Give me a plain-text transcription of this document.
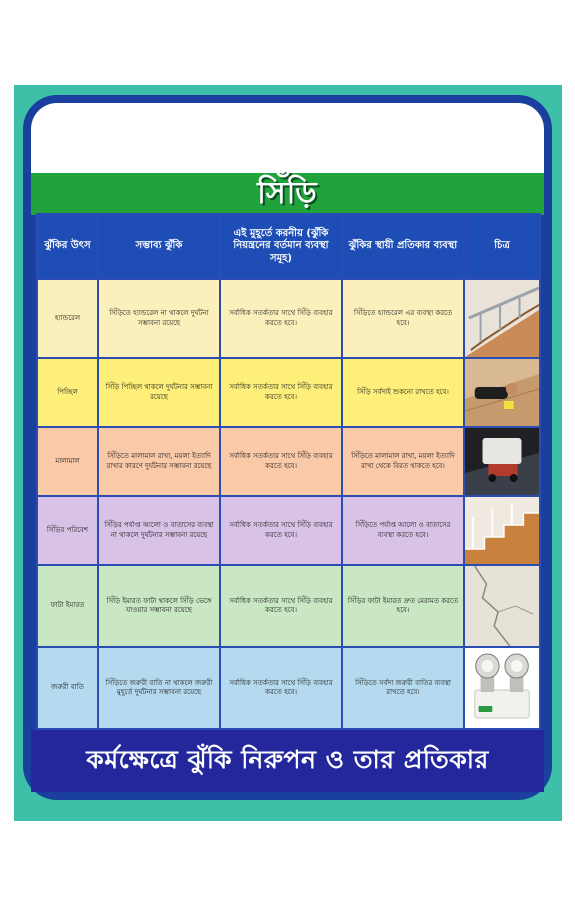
সিঁড়ি
ঝুঁকির উৎস	সম্ভাব্য ঝুঁকি	এই মুহূর্তে করনীয় (ঝুঁকি নিয়ন্ত্রনের বর্তমান ব্যবস্থা সমূহ)	ঝুঁকির স্থায়ী প্রতিকার ব্যবস্থা	চিত্র

হ্যান্ডরেল	সিঁড়িতে হ্যান্ডরেল না থাকলে দুর্ঘটনা সম্ভাবনা রয়েছে	সর্বাধিক সতর্কতার সাথে সিঁড়ি ব্যবহার করতে হবে।	সিঁড়িতে হ্যান্ডরেল এর ব্যবস্থা করতে হবে।

পিচ্ছিল	সিঁড়ি পিচ্ছিল থাকলে দুর্ঘটনার সম্ভাবনা রয়েছে	সর্বাধিক সতর্কতার সাথে সিঁড়ি ব্যবহার করতে হবে।	সিঁড়ি সর্বদাই শুকনো রাখতে হবে।

মালামাল	সিঁড়িতে মালামাল রাখা, ময়লা ইত্যাদি রাখার কারণে দুর্ঘটনার সম্ভাবনা রয়েছে	সর্বাধিক সতর্কতার সাথে সিঁড়ি ব্যবহার করতে হবে।	সিঁড়িতে মালামাল রাখা, ময়লা ইত্যাদি রাখা থেকে বিরত থাকতে হবে।

সিঁড়ির পরিবেশ	সিঁড়ির পর্যাপ্ত আলো ও বাতাসের ব্যবস্থা না থাকলে দুর্ঘটনার সম্ভাবনা রয়েছে	সর্বাধিক সতর্কতার সাথে সিঁড়ি ব্যবহার করতে হবে।	সিঁড়িতে পর্যাপ্ত আলো ও বাতাসের ব্যবস্থা করতে হবে।

ফাটা ইমারত	সিঁড়ি ইমারত ফাটা থাকলে সিঁড়ি ভেঙ্গে যাওয়ার সম্ভাবনা রয়েছে	সর্বাধিক সতর্কতার সাথে সিঁড়ি ব্যবহার করতে হবে।	সিঁড়ির ফাটা ইমারত দ্রুত মেরামত করতে হবে।

জরুরী বাতি	সিঁড়িতে জরুরী বাতি না থাকলে জরুরী মুহূর্তে দুর্ঘটনার সম্ভাবনা রয়েছে	সর্বাধিক সতর্কতার সাথে সিঁড়ি ব্যবহার করতে হবে।	সিঁড়িতে সর্বদা জরুরী বাতির ব্যবস্থা রাখতে হবে।

কর্মক্ষেত্রে ঝুঁকি নিরুপন ও তার প্রতিকার
